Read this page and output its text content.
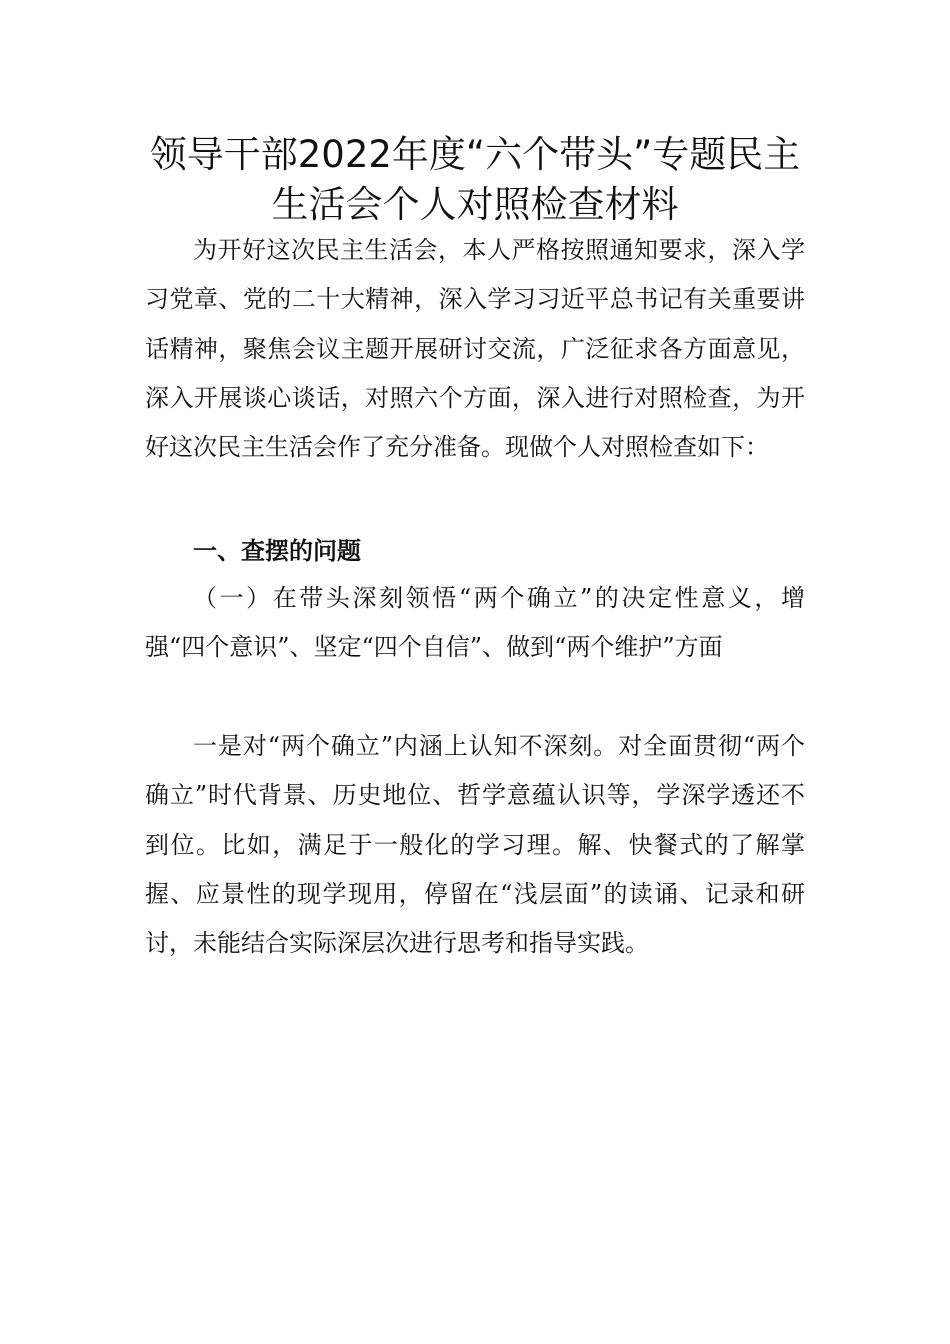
领导干部2022年度“六个带头”专题民主
生活会个人对照检查材料

为开好这次民主生活会，本人严格按照通知要求，深入学习党章、党的二十大精神，深入学习习近平总书记有关重要讲话精神，聚焦会议主题开展研讨交流，广泛征求各方面意见，深入开展谈心谈话，对照六个方面，深入进行对照检查，为开好这次民主生活会作了充分准备。现做个人对照检查如下：

一、查摆的问题

（一）在带头深刻领悟“两个确立”的决定性意义，增强“四个意识”、坚定“四个自信”、做到“两个维护”方面

一是对“两个确立”内涵上认知不深刻。对全面贯彻“两个确立”时代背景、历史地位、哲学意蕴认识等，学深学透还不到位。比如，满足于一般化的学习理。解、快餐式的了解掌握、应景性的现学现用，停留在“浅层面”的读诵、记录和研讨，未能结合实际深层次进行思考和指导实践。
